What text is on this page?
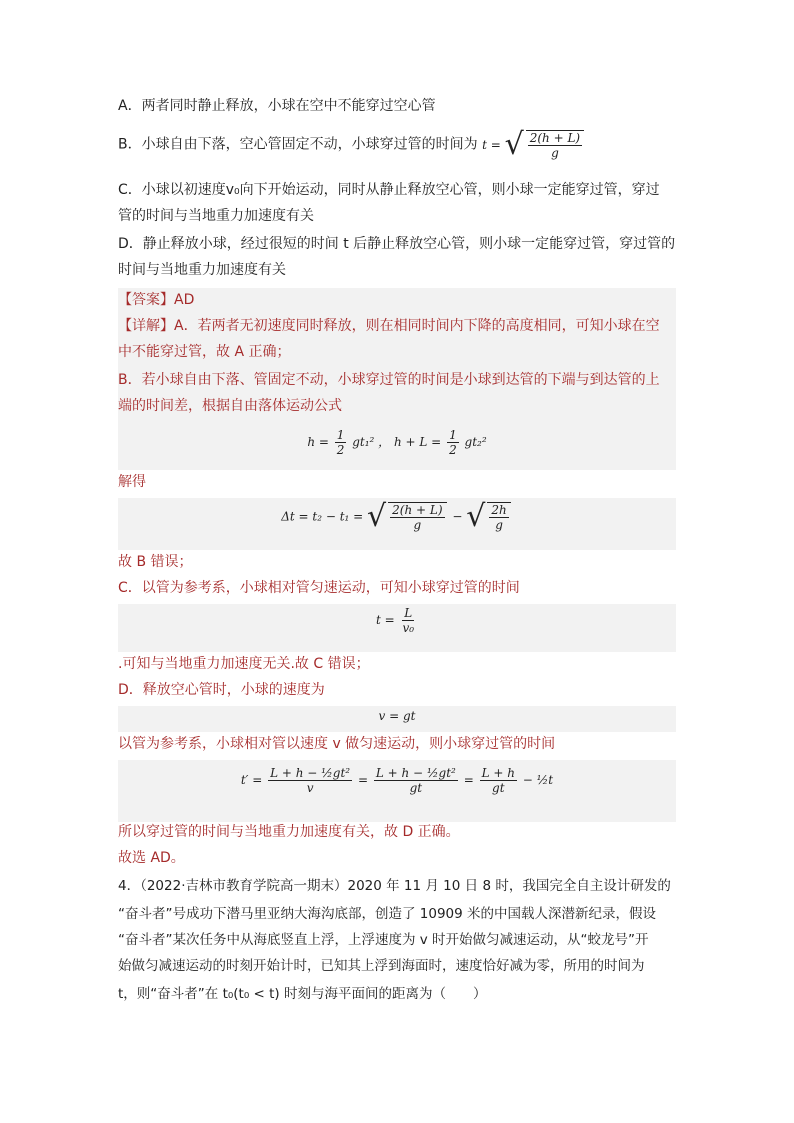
A．两者同时静止释放，小球在空中不能穿过空心管
B．小球自由下落，空心管固定不动，小球穿过管的时间为 t = √ $\frac{2(h + L)}{g}$
C．小球以初速度v₀向下开始运动，同时从静止释放空心管，则小球一定能穿过管，穿过
管的时间与当地重力加速度有关
D．静止释放小球，经过很短的时间 t 后静止释放空心管，则小球一定能穿过管，穿过管的
时间与当地重力加速度有关
【答案】AD
【详解】A．若两者无初速度同时释放，则在相同时间内下降的高度相同，可知小球在空
中不能穿过管，故 A 正确；
B．若小球自由下落、管固定不动，小球穿过管的时间是小球到达管的下端与到达管的上
端的时间差，根据自由落体运动公式
$h = \frac{1}{2} gt_1^2$ ， $h + L = \frac{1}{2} gt_2^2$
解得
Δt = t₂ − t₁ = √ $\frac{2(h + L)}{g}$ − √ $\frac{2h}{g}$
故 B 错误；
C．以管为参考系，小球相对管匀速运动，可知小球穿过管的时间
$t = \frac{L}{\text{v₀}}$
.可知与当地重力加速度无关.故 C 错误；
D．释放空心管时，小球的速度为
v = gt
以管为参考系，小球相对管以速度 v 做匀速运动，则小球穿过管的时间
$t' = \frac{\text{L + h − ½gt²}}{v} = \frac{\text{L + h − ½gt²}}{gt} = \frac{L + h}{gt}$ − ½t
所以穿过管的时间与当地重力加速度有关，故 D 正确。
故选 AD。
4．（2022·吉林市教育学院高一期末）2020 年 11 月 10 日 8 时，我国完全自主设计研发的
“奋斗者”号成功下潜马里亚纳大海沟底部，创造了 10909 米的中国载人深潜新纪录，假设
“奋斗者”某次任务中从海底竖直上浮，上浮速度为 v 时开始做匀减速运动，从“蛟龙号”开
始做匀减速运动的时刻开始计时，已知其上浮到海面时，速度恰好减为零，所用的时间为
t，则“奋斗者”在 t₀(t₀ < t) 时刻与海平面间的距离为（　　）
